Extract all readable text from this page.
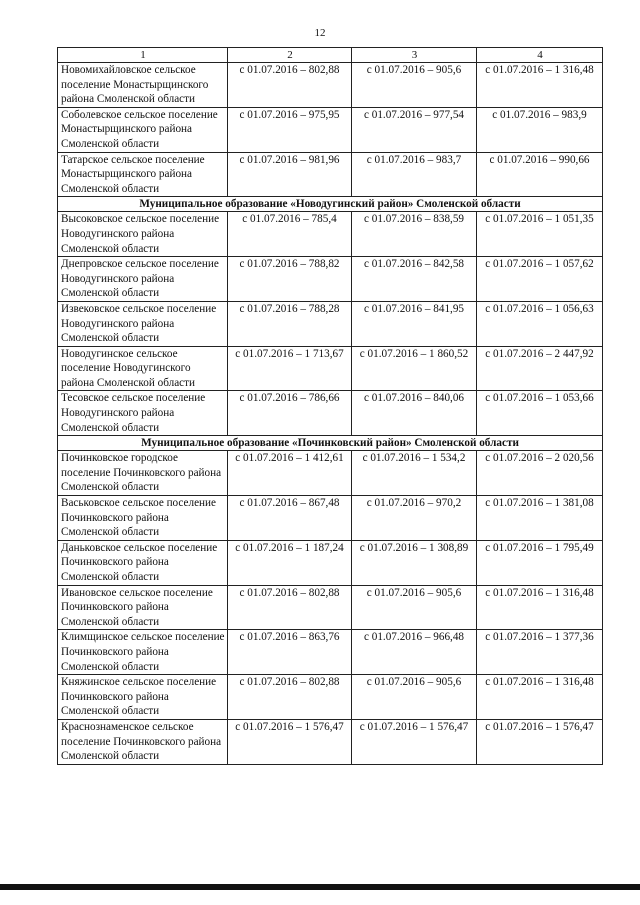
12
1	2	3	4
Новомихайловское сельское поселение Монастырщинского района Смоленской области	с 01.07.2016 – 802,88	с 01.07.2016 – 905,6	с 01.07.2016 – 1 316,48
Соболевское сельское поселение Монастырщинского района Смоленской области	с 01.07.2016 – 975,95	с 01.07.2016 – 977,54	с 01.07.2016 – 983,9
Татарское сельское поселение Монастырщинского района Смоленской области	с 01.07.2016 – 981,96	с 01.07.2016 – 983,7	с 01.07.2016 – 990,66
Муниципальное образование «Новодугинский район» Смоленской области			
Высоковское сельское поселение Новодугинского района Смоленской области	с 01.07.2016 – 785,4	с 01.07.2016 – 838,59	с 01.07.2016 – 1 051,35
Днепровское сельское поселение Новодугинского района Смоленской области	с 01.07.2016 – 788,82	с 01.07.2016 – 842,58	с 01.07.2016 – 1 057,62
Извековское сельское поселение Новодугинского района Смоленской области	с 01.07.2016 – 788,28	с 01.07.2016 – 841,95	с 01.07.2016 – 1 056,63
Новодугинское сельское поселение Новодугинского района Смоленской области	с 01.07.2016 – 1 713,67	с 01.07.2016 – 1 860,52	с 01.07.2016 – 2 447,92
Тесовское сельское поселение Новодугинского района Смоленской области	с 01.07.2016 – 786,66	с 01.07.2016 – 840,06	с 01.07.2016 – 1 053,66
Муниципальное образование «Починковский район» Смоленской области			
Починковское городское поселение Починковского района Смоленской области	с 01.07.2016 – 1 412,61	с 01.07.2016 – 1 534,2	с 01.07.2016 – 2 020,56
Васьковское сельское поселение Починковского района Смоленской области	с 01.07.2016 – 867,48	с 01.07.2016 – 970,2	с 01.07.2016 – 1 381,08
Даньковское сельское поселение Починковского района Смоленской области	с 01.07.2016 – 1 187,24	с 01.07.2016 – 1 308,89	с 01.07.2016 – 1 795,49
Ивановское сельское поселение Починковского района Смоленской области	с 01.07.2016 – 802,88	с 01.07.2016 – 905,6	с 01.07.2016 – 1 316,48
Климщинское сельское поселение Починковского района Смоленской области	с 01.07.2016 – 863,76	с 01.07.2016 – 966,48	с 01.07.2016 – 1 377,36
Княжинское сельское поселение Починковского района Смоленской области	с 01.07.2016 – 802,88	с 01.07.2016 – 905,6	с 01.07.2016 – 1 316,48
Краснознаменское сельское поселение Починковского района Смоленской области	с 01.07.2016 – 1 576,47	с 01.07.2016 – 1 576,47	с 01.07.2016 – 1 576,47
